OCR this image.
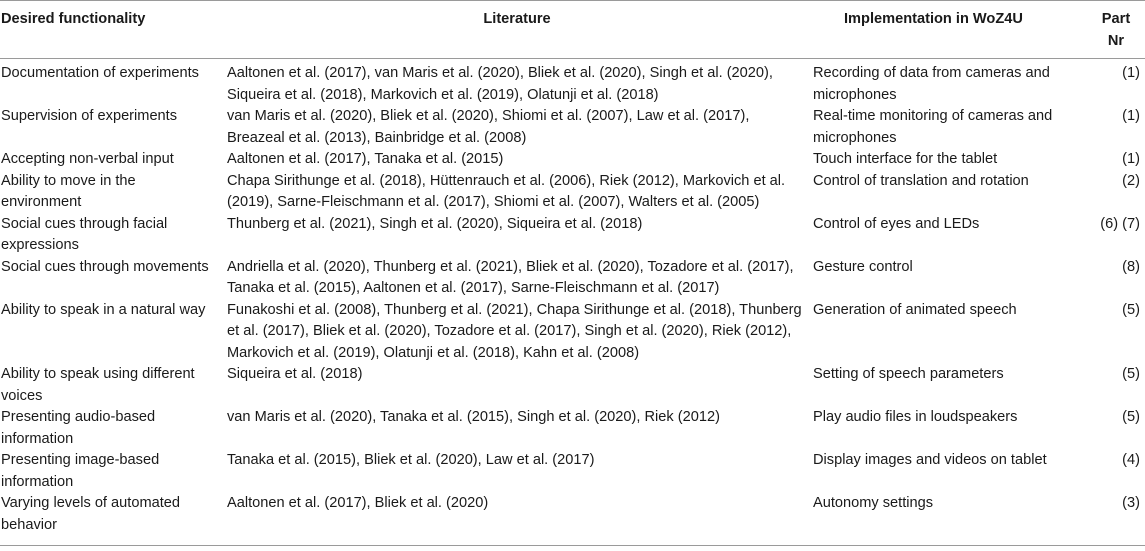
Desired functionality	Literature	Implementation in WoZ4U	Part
Nr
Documentation of experiments	Aaltonen et al. (2017), van Maris et al. (2020), Bliek et al. (2020), Singh et al. (2020), Siqueira et al. (2018), Markovich et al. (2019), Olatunji et al. (2018)	Recording of data from cameras and microphones	(1)
Supervision of experiments	van Maris et al. (2020), Bliek et al. (2020), Shiomi et al. (2007), Law et al. (2017), Breazeal et al. (2013), Bainbridge et al. (2008)	Real-time monitoring of cameras and microphones	(1)
Accepting non-verbal input	Aaltonen et al. (2017), Tanaka et al. (2015)	Touch interface for the tablet	(1)
Ability to move in the environment	Chapa Sirithunge et al. (2018), Hüttenrauch et al. (2006), Riek (2012), Markovich et al. (2019), Sarne-Fleischmann et al. (2017), Shiomi et al. (2007), Walters et al. (2005)	Control of translation and rotation	(2)
Social cues through facial expressions	Thunberg et al. (2021), Singh et al. (2020), Siqueira et al. (2018)	Control of eyes and LEDs	(6) (7)
Social cues through movements	Andriella et al. (2020), Thunberg et al. (2021), Bliek et al. (2020), Tozadore et al. (2017), Tanaka et al. (2015), Aaltonen et al. (2017), Sarne-Fleischmann et al. (2017)	Gesture control	(8)
Ability to speak in a natural way	Funakoshi et al. (2008), Thunberg et al. (2021), Chapa Sirithunge et al. (2018), Thunberg et al. (2017), Bliek et al. (2020), Tozadore et al. (2017), Singh et al. (2020), Riek (2012), Markovich et al. (2019), Olatunji et al. (2018), Kahn et al. (2008)	Generation of animated speech	(5)
Ability to speak using different voices	Siqueira et al. (2018)	Setting of speech parameters	(5)
Presenting audio-based information	van Maris et al. (2020), Tanaka et al. (2015), Singh et al. (2020), Riek (2012)	Play audio files in loudspeakers	(5)
Presenting image-based information	Tanaka et al. (2015), Bliek et al. (2020), Law et al. (2017)	Display images and videos on tablet	(4)
Varying levels of automated behavior	Aaltonen et al. (2017), Bliek et al. (2020)	Autonomy settings	(3)
